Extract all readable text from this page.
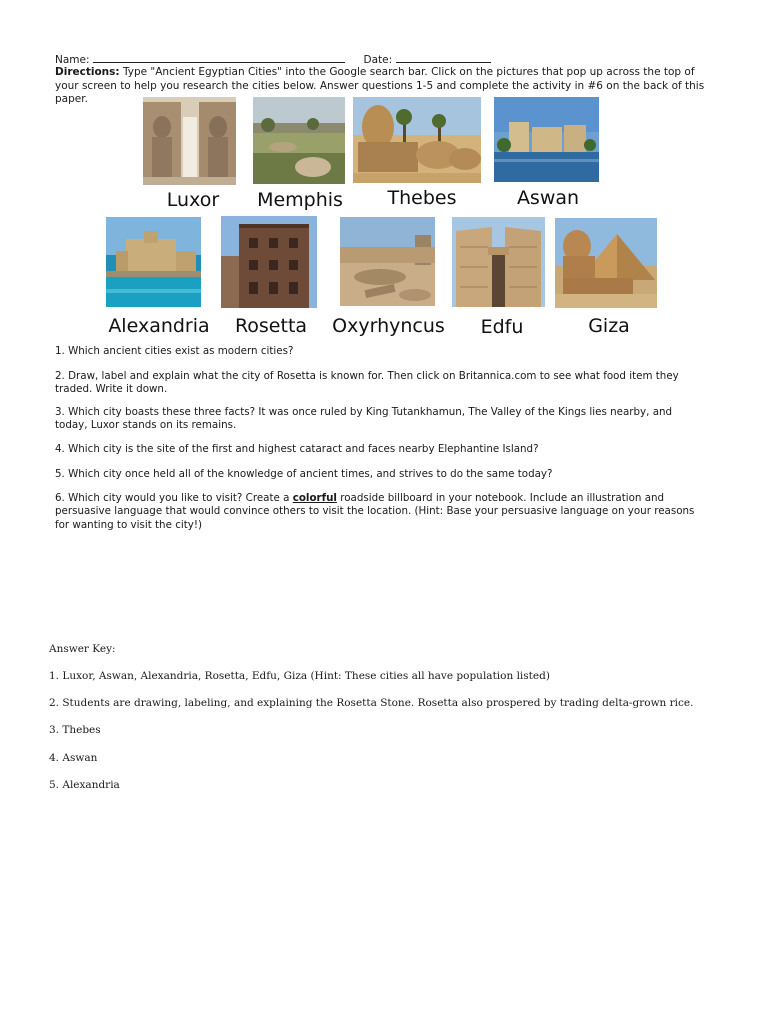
Name:	Date:
Directions: Type "Ancient Egyptian Cities" into the Google search bar. Click on the pictures that pop up across the top of your screen to help you research the cities below. Answer questions 1-5 and complete the activity in #6 on the back of this paper.
Luxor	Memphis	Thebes	Aswan
Alexandria	Rosetta	Oxyrhyncus	Edfu	Giza
1. Which ancient cities exist as modern cities?
2. Draw, label and explain what the city of Rosetta is known for. Then click on Britannica.com to see what food item they traded. Write it down.
3. Which city boasts these three facts? It was once ruled by King Tutankhamun, The Valley of the Kings lies nearby, and today, Luxor stands on its remains.
4. Which city is the site of the first and highest cataract and faces nearby Elephantine Island?
5. Which city once held all of the knowledge of ancient times, and strives to do the same today?
6. Which city would you like to visit? Create a colorful roadside billboard in your notebook. Include an illustration and persuasive language that would convince others to visit the location. (Hint: Base your persuasive language on your reasons for wanting to visit the city!)
Answer Key:
1. Luxor, Aswan, Alexandria, Rosetta, Edfu, Giza (Hint: These cities all have population listed)
2. Students are drawing, labeling, and explaining the Rosetta Stone. Rosetta also prospered by trading delta-grown rice.
3. Thebes
4. Aswan
5. Alexandria
